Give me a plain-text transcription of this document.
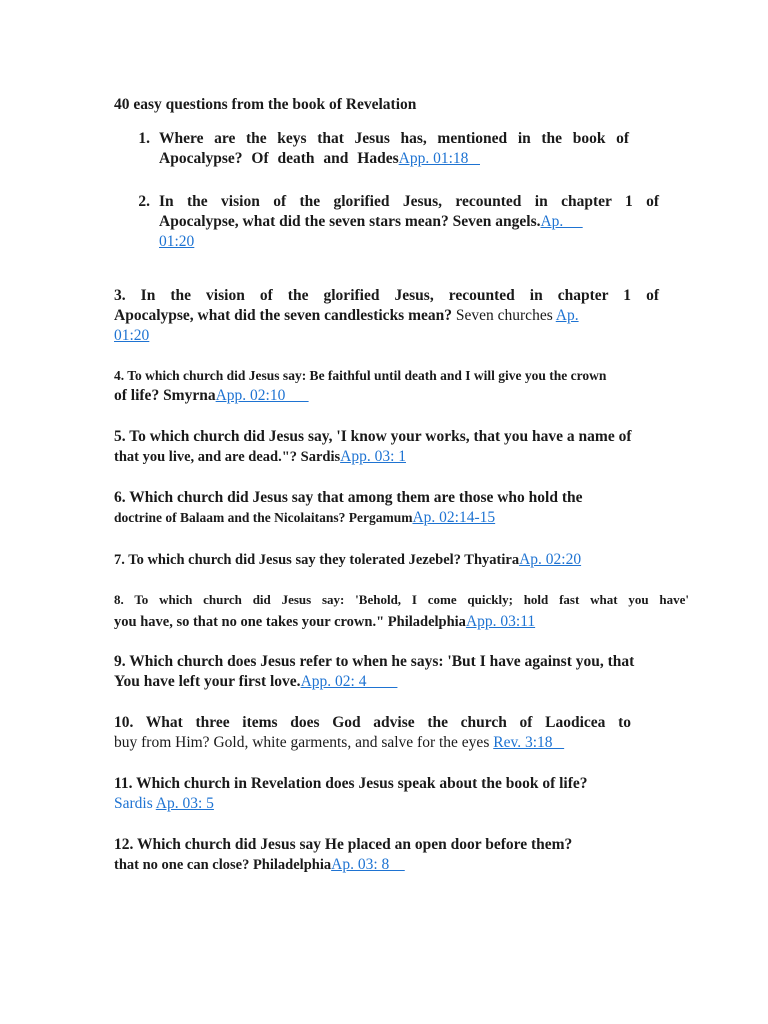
40 easy questions from the book of Revelation
1. Where are the keys that Jesus has, mentioned in the book of
Apocalypse? Of death and HadesApp. 01:18
2. In the vision of the glorified Jesus, recounted in chapter 1 of
Apocalypse, what did the seven stars mean? Seven angels.Ap.
01:20
3. In the vision of the glorified Jesus, recounted in chapter 1 of
Apocalypse, what did the seven candlesticks mean? Seven churches Ap.
01:20
4. To which church did Jesus say: Be faithful until death and I will give you the crown
of life? SmyrnaApp. 02:10
5. To which church did Jesus say, 'I know your works, that you have a name of
that you live, and are dead."? SardisApp. 03: 1
6. Which church did Jesus say that among them are those who hold the
doctrine of Balaam and the Nicolaitans? PergamumAp. 02:14-15
7. To which church did Jesus say they tolerated Jezebel? ThyatiraAp. 02:20
8. To which church did Jesus say: 'Behold, I come quickly; hold fast what you have'
you have, so that no one takes your crown." PhiladelphiaApp. 03:11
9. Which church does Jesus refer to when he says: 'But I have against you, that
You have left your first love.App. 02: 4
10. What three items does God advise the church of Laodicea to
buy from Him? Gold, white garments, and salve for the eyes Rev. 3:18
11. Which church in Revelation does Jesus speak about the book of life?
Sardis Ap. 03: 5
12. Which church did Jesus say He placed an open door before them?
that no one can close? PhiladelphiaAp. 03: 8
